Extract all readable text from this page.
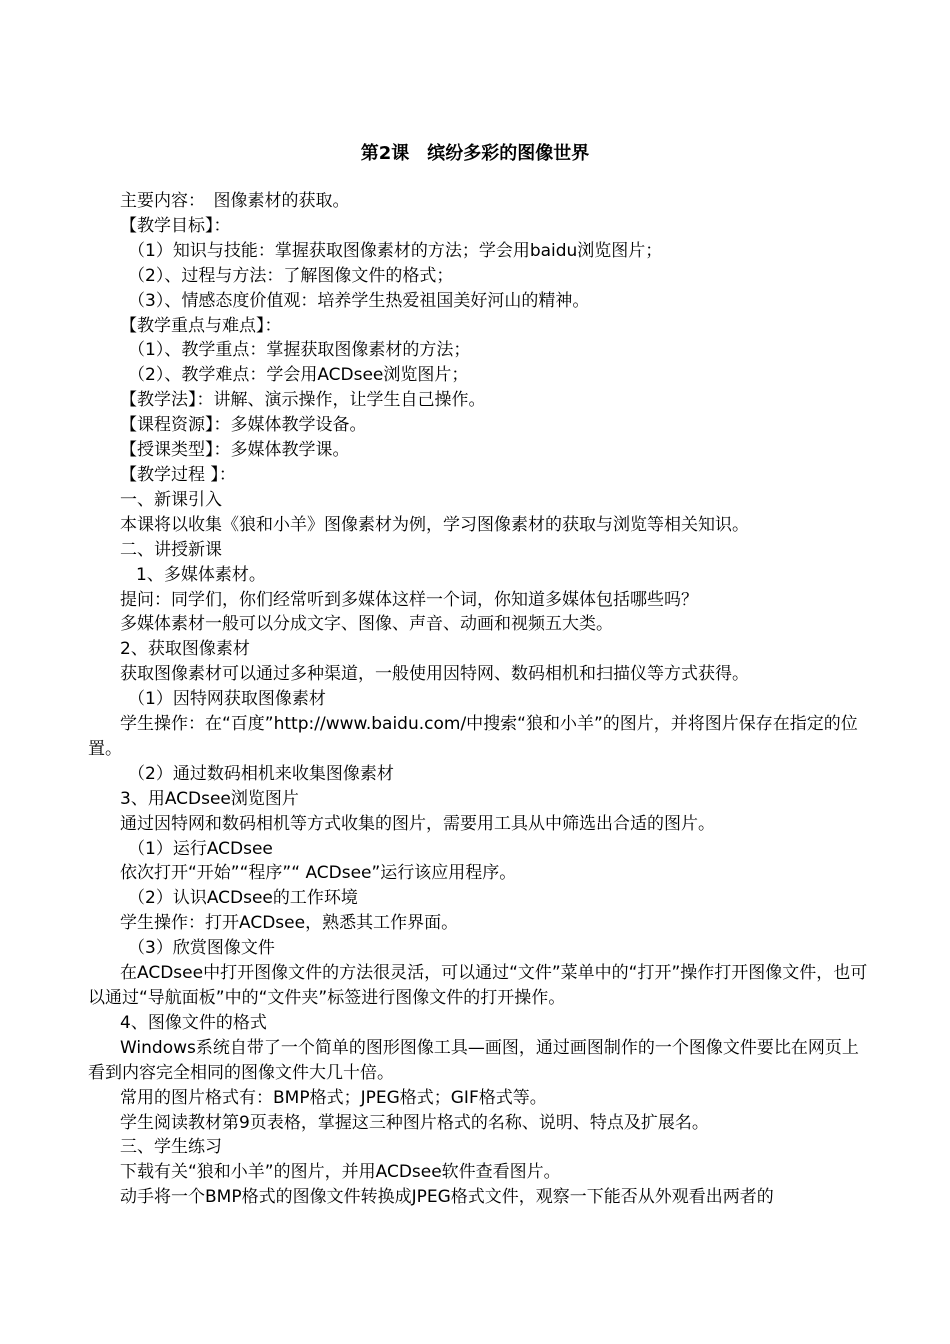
第2课　缤纷多彩的图像世界
主要内容：　图像素材的获取。
【教学目标】：
（1）知识与技能：掌握获取图像素材的方法；学会用baidu浏览图片；
（2）、过程与方法：了解图像文件的格式；
（3）、情感态度价值观：培养学生热爱祖国美好河山的精神。
【教学重点与难点】：
（1）、教学重点：掌握获取图像素材的方法；
（2）、教学难点：学会用ACDsee浏览图片；
【教学法】：讲解、演示操作，让学生自己操作。
【课程资源】：多媒体教学设备。
【授课类型】：多媒体教学课。
【教学过程 】：
一、新课引入
本课将以收集《狼和小羊》图像素材为例，学习图像素材的获取与浏览等相关知识。
二、讲授新课
1、多媒体素材。
提问：同学们，你们经常听到多媒体这样一个词，你知道多媒体包括哪些吗？
多媒体素材一般可以分成文字、图像、声音、动画和视频五大类。
2、获取图像素材
获取图像素材可以通过多种渠道，一般使用因特网、数码相机和扫描仪等方式获得。
（1）因特网获取图像素材
学生操作：在“百度”http://www.baidu.com/中搜索“狼和小羊”的图片，并将图片保存在指定的位置。
（2）通过数码相机来收集图像素材
3、用ACDsee浏览图片
通过因特网和数码相机等方式收集的图片，需要用工具从中筛选出合适的图片。
（1）运行ACDsee
依次打开“开始”“程序”“ ACDsee”运行该应用程序。
（2）认识ACDsee的工作环境
学生操作：打开ACDsee，熟悉其工作界面。
（3）欣赏图像文件
在ACDsee中打开图像文件的方法很灵活，可以通过“文件”菜单中的“打开”操作打开图像文件，也可以通过“导航面板”中的“文件夹”标签进行图像文件的打开操作。
4、图像文件的格式
Windows系统自带了一个简单的图形图像工具—画图，通过画图制作的一个图像文件要比在网页上看到内容完全相同的图像文件大几十倍。
常用的图片格式有：BMP格式；JPEG格式；GIF格式等。
学生阅读教材第9页表格，掌握这三种图片格式的名称、说明、特点及扩展名。
三、学生练习
下载有关“狼和小羊”的图片，并用ACDsee软件查看图片。
动手将一个BMP格式的图像文件转换成JPEG格式文件，观察一下能否从外观看出两者的
